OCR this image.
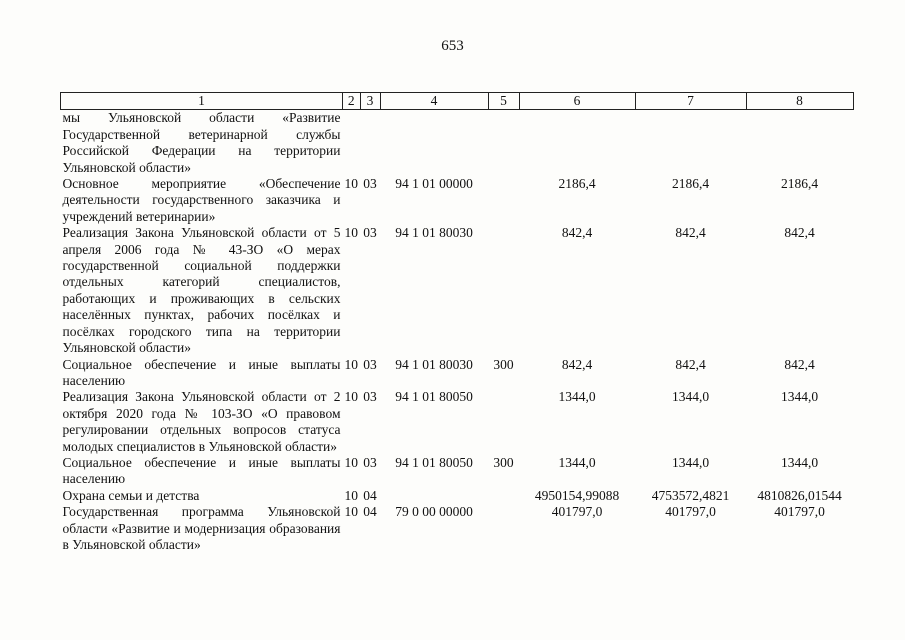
653
1	2	3	4	5	6	7	8
мы Ульяновской области «Развитие Государственной ветеринарной службы Российской Федерации на территории Ульяновской области»							
Основное мероприятие «Обеспечение деятельности государственного заказчика и учреждений ветеринарии»	10	03	94 1 01 00000		2186,4	2186,4	2186,4
Реализация Закона Ульяновской области от 5 апреля 2006 года № 43-ЗО «О мерах государственной социальной поддержки отдельных категорий специалистов, работающих и проживающих в сельских населённых пунктах, рабочих посёлках и посёлках городского типа на территории Ульяновской области»	10	03	94 1 01 80030		842,4	842,4	842,4
Социальное обеспечение и иные выплаты населению	10	03	94 1 01 80030	300	842,4	842,4	842,4
Реализация Закона Ульяновской области от 2 октября 2020 года № 103-ЗО «О правовом регулировании отдельных вопросов статуса молодых специалистов в Ульяновской области»	10	03	94 1 01 80050		1344,0	1344,0	1344,0
Социальное обеспечение и иные выплаты населению	10	03	94 1 01 80050	300	1344,0	1344,0	1344,0
Охрана семьи и детства	10	04			4950154,99088	4753572,4821	4810826,01544
Государственная программа Ульяновской области «Развитие и модернизация образования в Ульяновской области»	10	04	79 0 00 00000		401797,0	401797,0	401797,0
